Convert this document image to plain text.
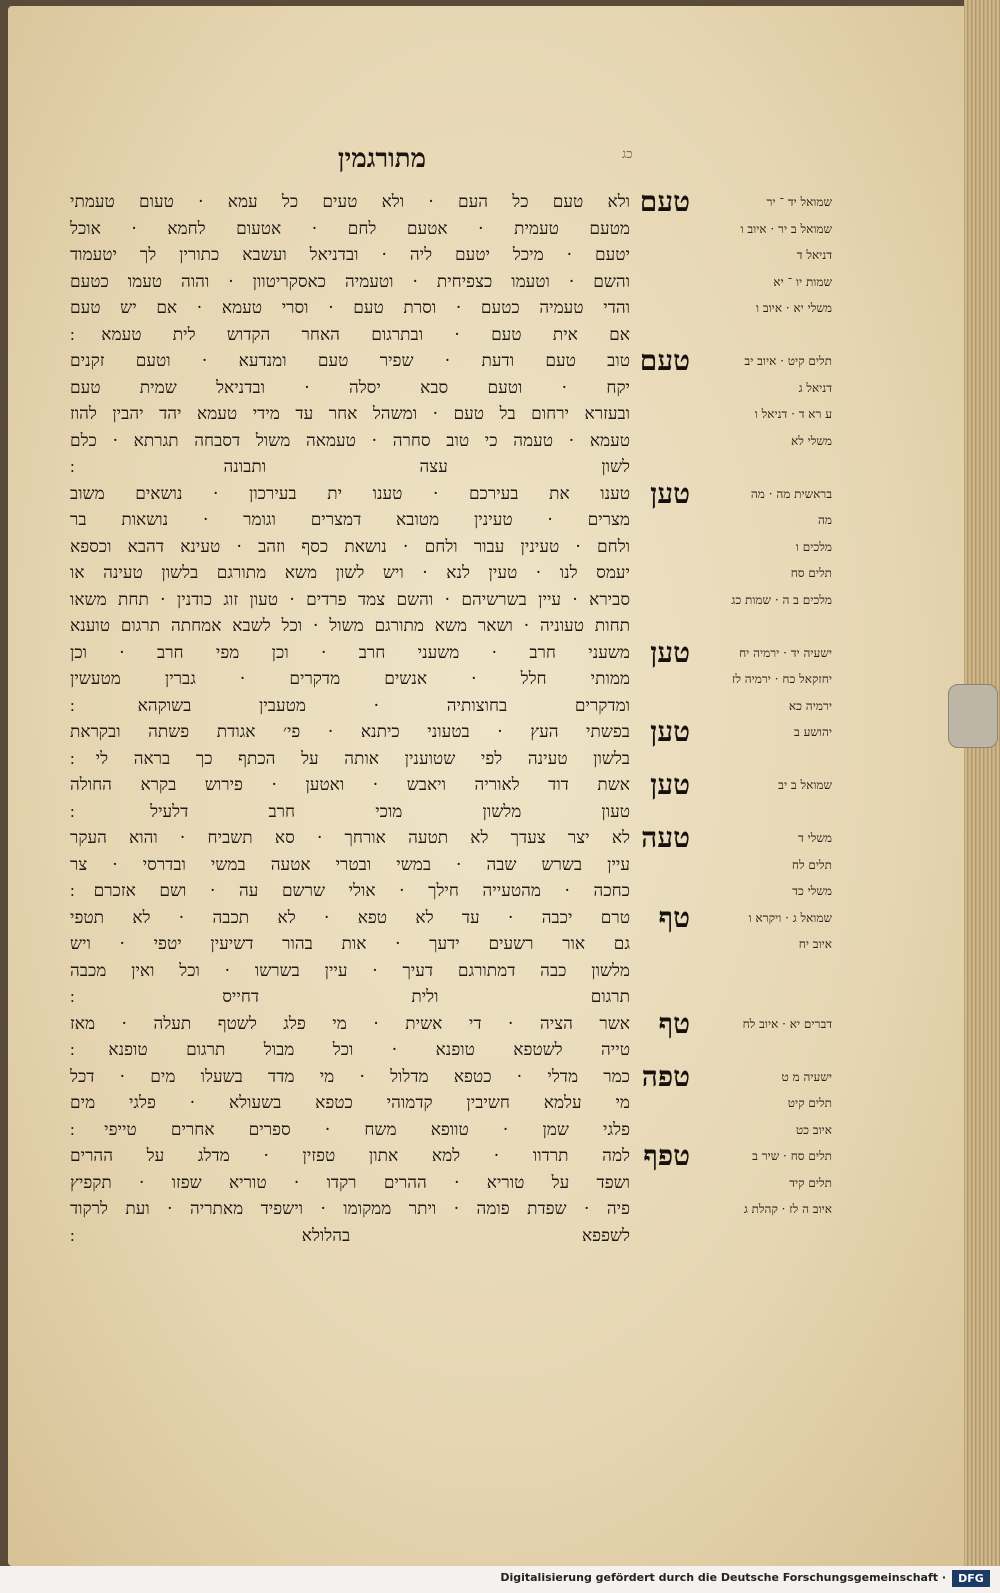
מתורגמין	כג
שמואל יד ־ יר
שמואל ב יר · איוב ו
דניאל ד
שמות יו ־ יא
משלי יא · איוב ו
תלים קיט · איוב יב
דניאל ג
ע רא ד · דניאל ו
משלי לא
בראשית מה · מה
מה
מלכים ו
תלים סח
מלכים ב ה · שמות כג
ישעיה יד · ירמיה יח
יחזקאל כח · ירמיה לז
ירמיה כא
יהושע ב
שמואל ב יב
משלי ד
תלים לח
משלי כד
שמואל ג · ויקרא ו
איוב יח
דברים יא · איוב לח
ישעיה מ ט
תלים קיט
איוב כט
תלים סח · שיר ב
תלים קיד
איוב ה לז · קהלת ג
טעם
טעם
טען
טען
טען
טען
טעה
טף
טף
טפה
טפף
ולא טעם כל העם · ולא טעים כל עמא · טעום טעמתי
מטעם טעמית · אטעם לחם · אטעום לחמא · אוכל
יטעם · מיכל יטעם ליה · ובדניאל ועשבא כתורין לך יטעמוד
והשם · וטעמו כצפיחית · וטעמיה כאסקריטוון · והוה טעמו כטעם
והדי טעמיה כטעם · וסרת טעם · וסרי טעמא · אם יש טעם
אם אית טעם · ובתרגום האחר הקדוש לית טעמא ׃
טוב טעם ודעת · שפיר טעם ומנדעא · וטעם זקנים
יקח · וטעם סבא יסלה · ובדניאל שמית טעם
ובעזרא ירחום בל טעם · ומשהל אחר עד מידי טעמא יהד יהבין להוז
טעמא · טעמה כי טוב סחרה · טעמאה משול דסבחה תגרתא · כלם
לשון עצה ותבונה ׃
טענו את בעירכם · טענו ית בעירכון · נושאים משוב
מצרים · טעינין מטובא דמצרים וגומר · נושאות בר
ולחם · טעינין עבור ולחם · נושאת כסף וזהב · טעינא דהבא וכספא
יעמס לנו · טעין לנא · ויש לשון משא מתורגם בלשון טעינה או
סבירא · עיין בשרשיהם · והשם צמד פרדים · טעון זוג כודנין · תחת משאו
תחות טעוניה · ושאר משא מתורגם משול · וכל לשבא אמחתה תרגום טוענא
משעני חרב · משעני חרב · וכן מפי חרב · וכן
ממותי חלל · אנשים מדקרים · גברין מטעשין
ומדקרים בחוצותיה · מטעבין בשוקהא ׃
בפשתי העץ · בטעוני כיתנא · פי׳ אגודת פשתה ובקראת
בלשון טעינה לפי שטוענין אותה על הכתף כך בראה לי ׃
אשת דוד לאוריה ויאבש · ואטען · פירוש בקרא החולה
טעון מלשון מוכי חרב דלעיל ׃
לא יצר צעדך לא תטעה אורחך · סא תשביח · והוא העקר
עיין בשרש שבה · במשי ובטרי אטעה במשי ובדרסי · צר
כחכה · מהטעייה חילך · אולי שרשם עה · ושם אזכרם ׃
טרם יכבה · עד לא טפא · לא תכבה · לא תטפי
גם אור רשעים ידעך · אות בהור דשיעין יטפי · ויש
מלשון כבה דמתורגם דעיך · עיין בשרשו · וכל ואין מכבה
תרגום ולית דחייס ׃
אשר הציה · די אשית · מי פלג לשטף תעלה · מאז
טייה לשטפא טופנא · וכל מבול תרגום טופנא ׃
כמר מדלי · כטפא מדלול · מי מדד בשעלו מים · דכל
מי עלמא חשיבין קדמוהי כטפא בשעולא · פלגי מים
פלגי שמן · טוופא משח · ספרים אחרים טייפי ׃
למה תרדוו · למא אתון טפזין · מדלג על ההרים
ושפד על טוריא · ההרים רקדו · טוריא שפזו · תקפיץ
פיה · שפדת פומה · ויתר ממקומו · וישפיד מאתריה · ועת לרקוד
לשפפא בהלולא ׃
Digitalisierung gefördert durch die Deutsche Forschungsgemeinschaft ·	DFG
